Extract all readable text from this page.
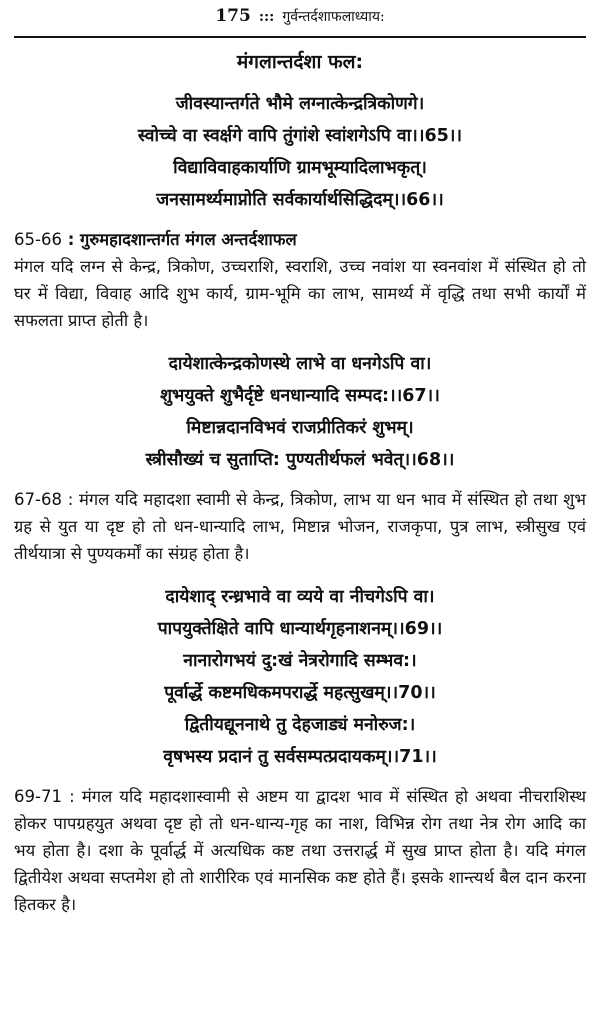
175 ::: गुर्वन्तर्दशाफलाध्याय:
मंगलान्तर्दशा फल:

जीवस्यान्तर्गते भौमे लग्नात्केन्द्रत्रिकोणगे।

स्वोच्चे वा स्वर्क्षगे वापि तुंगांशे स्वांशगेऽपि वा।।65।।

विद्याविवाहकार्याणि ग्रामभूम्यादिलाभकृत्।

जनसामर्थ्यमाप्नोति सर्वकार्यार्थसिद्धिदम्।।66।।

65-66 : गुरुमहादशान्तर्गत मंगल अन्तर्दशाफल
मंगल यदि लग्न से केन्द्र, त्रिकोण, उच्चराशि, स्वराशि, उच्च नवांश या स्वनवांश में संस्थित हो तो घर में विद्या, विवाह आदि शुभ कार्य, ग्राम-भूमि का लाभ, सामर्थ्य में वृद्धि तथा सभी कार्यों में सफलता प्राप्त होती है।

दायेशात्केन्द्रकोणस्थे लाभे वा धनगेऽपि वा।

शुभयुक्ते शुभैर्दृष्टे धनधान्यादि सम्पद:।।67।।

मिष्टान्नदानविभवं राजप्रीतिकरं शुभम्।

स्त्रीसौख्यं च सुताप्ति: पुण्यतीर्थफलं भवेत्।।68।।

67-68 : मंगल यदि महादशा स्वामी से केन्द्र, त्रिकोण, लाभ या धन भाव में संस्थित हो तथा शुभ ग्रह से युत या दृष्ट हो तो धन-धान्यादि लाभ, मिष्टान्न भोजन, राजकृपा, पुत्र लाभ, स्त्रीसुख एवं तीर्थयात्रा से पुण्यकर्मों का संग्रह होता है।

दायेशाद् रन्ध्रभावे वा व्यये वा नीचगेऽपि वा।

पापयुक्तेक्षिते वापि धान्यार्थगृहनाशनम्।।69।।

नानारोगभयं दु:खं नेत्ररोगादि सम्भव:।

पूर्वार्द्धे कष्टमधिकमपरार्द्धे महत्सुखम्।।70।।

द्वितीयद्यूननाथे तु देहजाड्यं मनोरुज:।

वृषभस्य प्रदानं तु सर्वसम्पत्प्रदायकम्।।71।।

69-71 : मंगल यदि महादशास्वामी से अष्टम या द्वादश भाव में संस्थित हो अथवा नीचराशिस्थ होकर पापग्रहयुत अथवा दृष्ट हो तो धन-धान्य-गृह का नाश, विभिन्न रोग तथा नेत्र रोग आदि का भय होता है। दशा के पूर्वार्द्ध में अत्यधिक कष्ट तथा उत्तरार्द्ध में सुख प्राप्त होता है। यदि मंगल द्वितीयेश अथवा सप्तमेश हो तो शारीरिक एवं मानसिक कष्ट होते हैं। इसके शान्त्यर्थ बैल दान करना हितकर है।
